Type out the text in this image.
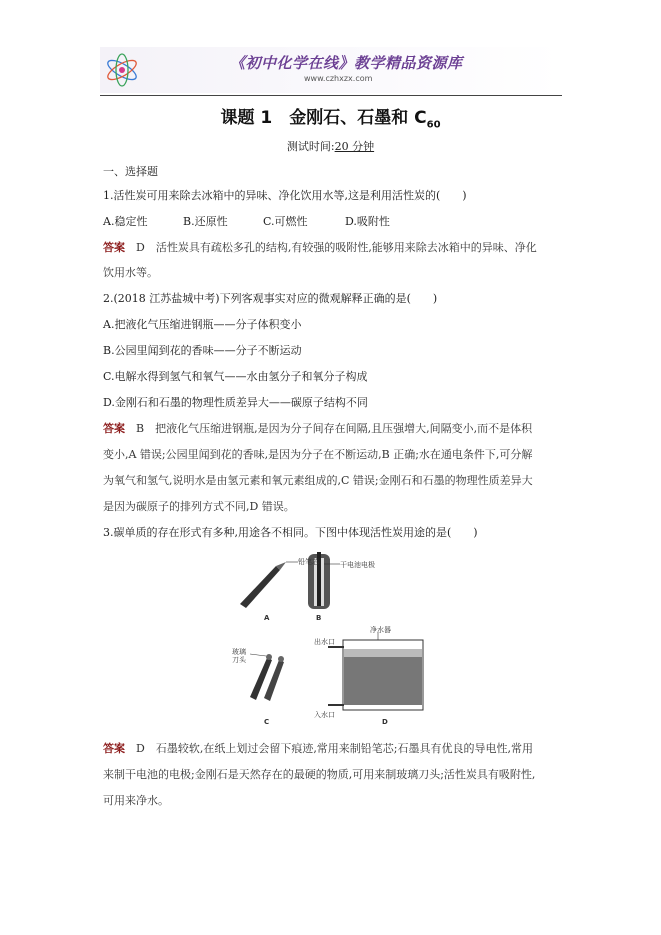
《初中化学在线》教学精品资源库
www.czhxzx.com
课题 1　金刚石、石墨和 $C_{60}$
测试时间:20 分钟
一、选择题
1.活性炭可用来除去冰箱中的异味、净化饮用水等,这是利用活性炭的(　　)
A.稳定性	B.还原性	C.可燃性	D.吸附性
答案　 D　活性炭具有疏松多孔的结构,有较强的吸附性,能够用来除去冰箱中的异味、净化
饮用水等。
2.(2018 江苏盐城中考)下列客观事实对应的微观解释正确的是(　　)
A.把液化气压缩进钢瓶——分子体积变小
B.公园里闻到花的香味——分子不断运动
C.电解水得到氢气和氧气——水由氢分子和氧分子构成
D.金刚石和石墨的物理性质差异大——碳原子结构不同
答案　 B　把液化气压缩进钢瓶,是因为分子间存在间隔,且压强增大,间隔变小,而不是体积
变小,A 错误;公园里闻到花的香味,是因为分子在不断运动,B 正确;水在通电条件下,可分解
为氧气和氢气,说明水是由氢元素和氧元素组成的,C 错误;金刚石和石墨的物理性质差异大
是因为碳原子的排列方式不同,D 错误。
3.碳单质的存在形式有多种,用途各不相同。下图中体现活性炭用途的是(　　)
铅笔芯	干电池电极
玻璃刀头
净水器
出水口
入水口
A	B
C	D
答案　 D　石墨较软,在纸上划过会留下痕迹,常用来制铅笔芯;石墨具有优良的导电性,常用
来制干电池的电极;金刚石是天然存在的最硬的物质,可用来制玻璃刀头;活性炭具有吸附性,
可用来净水。
